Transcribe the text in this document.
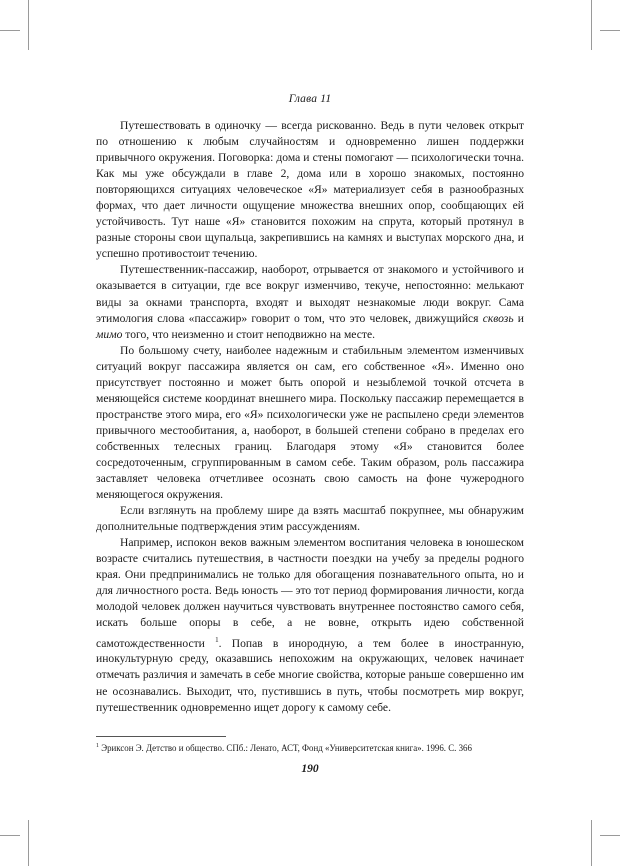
Глава 11

Путешествовать в одиночку — всегда рискованно. Ведь в пути человек открыт по отношению к любым случайностям и одновременно лишен поддержки привычного окружения. Поговорка: дома и стены помогают — психологически точна. Как мы уже обсуждали в главе 2, дома или в хорошо знакомых, постоянно повторяющихся ситуациях человеческое «Я» материализует себя в разнообразных формах, что дает личности ощущение множества внешних опор, сообщающих ей устойчивость. Тут наше «Я» становится похожим на спрута, который протянул в разные стороны свои щупальца, закрепившись на камнях и выступах морского дна, и успешно противостоит течению.

Путешественник-пассажир, наоборот, отрывается от знакомого и устойчивого и оказывается в ситуации, где все вокруг изменчиво, текуче, непостоянно: мелькают виды за окнами транспорта, входят и выходят незнакомые люди вокруг. Сама этимология слова «пассажир» говорит о том, что это человек, движущийся сквозь и мимо того, что неизменно и стоит неподвижно на месте.

По большому счету, наиболее надежным и стабильным элементом изменчивых ситуаций вокруг пассажира является он сам, его собственное «Я». Именно оно присутствует постоянно и может быть опорой и незыблемой точкой отсчета в меняющейся системе координат внешнего мира. Поскольку пассажир перемещается в пространстве этого мира, его «Я» психологически уже не распылено среди элементов привычного местообитания, а, наоборот, в большей степени собрано в пределах его собственных телесных границ. Благодаря этому «Я» становится более сосредоточенным, сгруппированным в самом себе. Таким образом, роль пассажира заставляет человека отчетливее осознать свою самость на фоне чужеродного меняющегося окружения.

Если взглянуть на проблему шире да взять масштаб покрупнее, мы обнаружим дополнительные подтверждения этим рассуждениям.

Например, испокон веков важным элементом воспитания человека в юношеском возрасте считались путешествия, в частности поездки на учебу за пределы родного края. Они предпринимались не только для обогащения познавательного опыта, но и для личностного роста. Ведь юность — это тот период формирования личности, когда молодой человек должен научиться чувствовать внутреннее постоянство самого себя, искать больше опоры в себе, а не вовне, открыть идею собственной самотождественности $^1$. Попав в инородную, а тем более в иностранную, инокультурную среду, оказавшись непохожим на окружающих, человек начинает отмечать различия и замечать в себе многие свойства, которые раньше совершенно им не осознавались. Выходит, что, пустившись в путь, чтобы посмотреть мир вокруг, путешественник одновременно ищет дорогу к самому себе.

$^1$ Эриксон Э. Детство и общество. СПб.: Ленато, АСТ, Фонд «Университетская книга». 1996. С. 366
190
